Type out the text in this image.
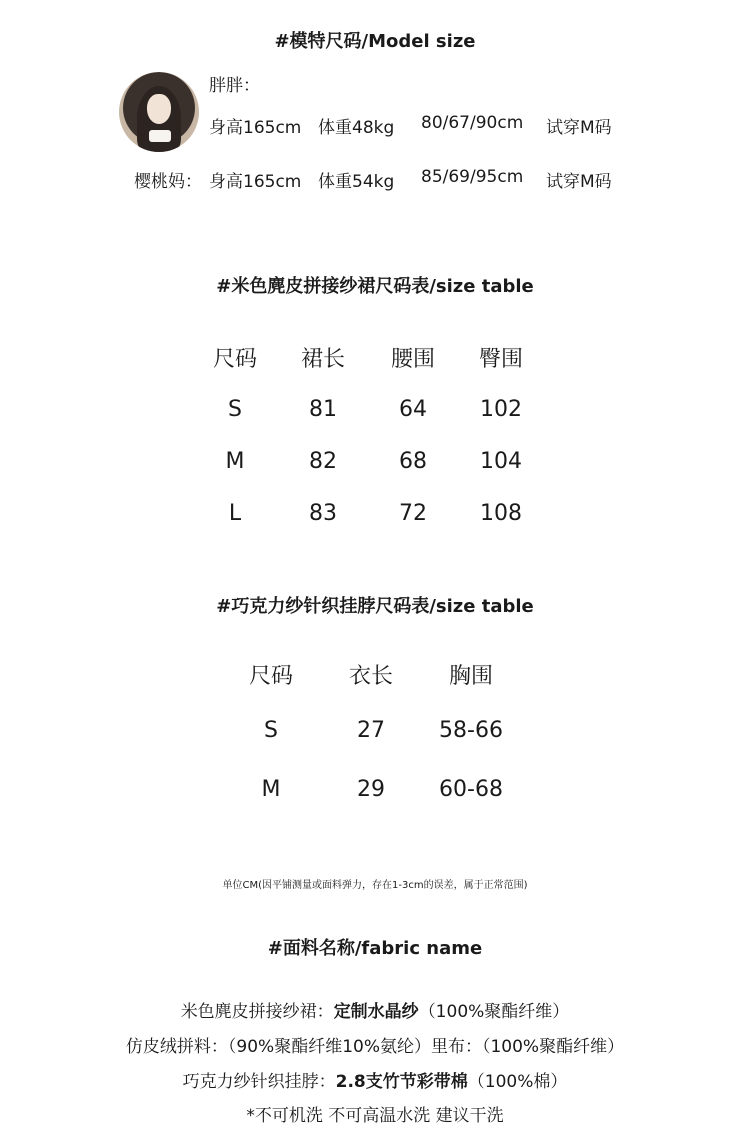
#模特尺码/Model size
胖胖：
身高165cm 体重48kg 80/67/90cm 试穿M码
樱桃妈： 身高165cm 体重54kg 85/69/95cm 试穿M码
#米色麂皮拼接纱裙尺码表/size table
尺码	裙长	腰围	臀围
S	81	64	102
M	82	68	104
L	83	72	108
#巧克力纱针织挂脖尺码表/size table
尺码	衣长	胸围
S	27	58-66
M	29	60-68
单位CM(因平铺测量或面料弹力，存在1-3cm的误差，属于正常范围)
#面料名称/fabric name
米色麂皮拼接纱裙：定制水晶纱（100%聚酯纤维）
仿皮绒拼料：（90%聚酯纤维10%氨纶）里布：（100%聚酯纤维）
巧克力纱针织挂脖：2.8支竹节彩带棉（100%棉）
*不可机洗 不可高温水洗 建议干洗
